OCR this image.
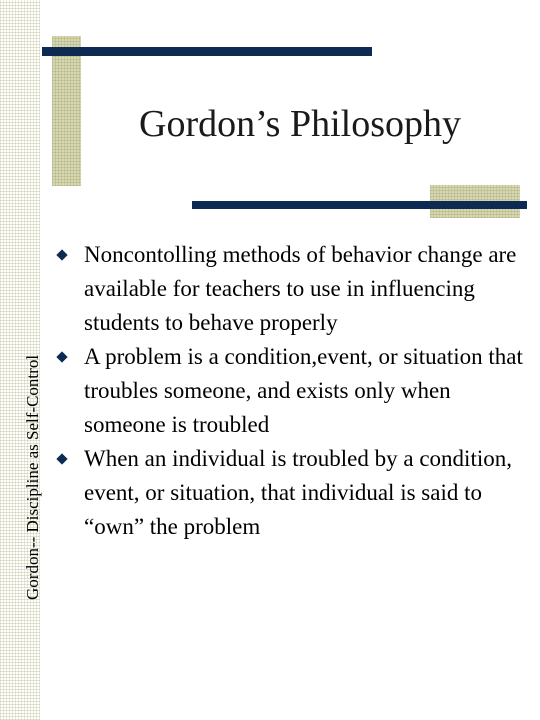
Gordon-- Discipline as Self-Control
Gordon’s Philosophy
Noncontolling methods of behavior change are available for teachers to use in influencing students to behave properly
A problem is a condition,event, or situation that troubles someone, and exists only when someone is troubled
When an individual is troubled by a condition, event, or situation, that individual is said to “own” the problem
